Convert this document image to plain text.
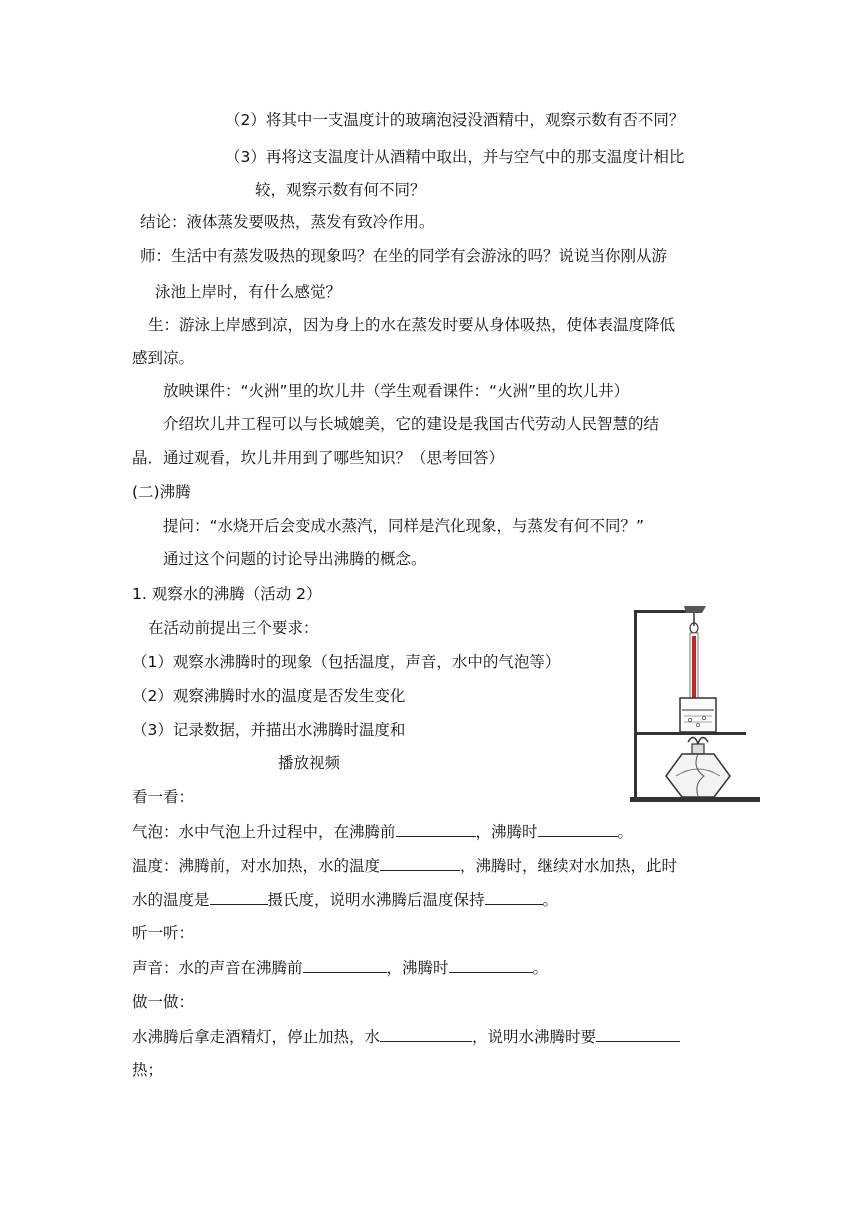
（2）将其中一支温度计的玻璃泡浸没酒精中，观察示数有否不同？
（3）再将这支温度计从酒精中取出，并与空气中的那支温度计相比
较，观察示数有何不同？
结论：液体蒸发要吸热，蒸发有致冷作用。
师：生活中有蒸发吸热的现象吗？在坐的同学有会游泳的吗？说说当你刚从游
泳池上岸时，有什么感觉？
生：游泳上岸感到凉，因为身上的水在蒸发时要从身体吸热，使体表温度降低
感到凉。
放映课件：“火洲”里的坎儿井（学生观看课件：“火洲”里的坎儿井）
介绍坎儿井工程可以与长城媲美，它的建设是我国古代劳动人民智慧的结
晶．通过观看，坎儿井用到了哪些知识？（思考回答）
(二)沸腾
提问：“水烧开后会变成水蒸汽，同样是汽化现象，与蒸发有何不同？”
通过这个问题的讨论导出沸腾的概念。
1. 观察水的沸腾（活动 2）
在活动前提出三个要求：
（1）观察水沸腾时的现象（包括温度，声音，水中的气泡等）
（2）观察沸腾时水的温度是否发生变化
（3）记录数据，并描出水沸腾时温度和
播放视频
看一看：
气泡：水中气泡上升过程中，在沸腾前	，沸腾时	。
温度：沸腾前，对水加热，水的温度	，沸腾时，继续对水加热，此时
水的温度是	摄氏度，说明水沸腾后温度保持	。
听一听：
声音：水的声音在沸腾前	，沸腾时	。
做一做：
水沸腾后拿走酒精灯，停止加热，水	，说明水沸腾时要
热；
